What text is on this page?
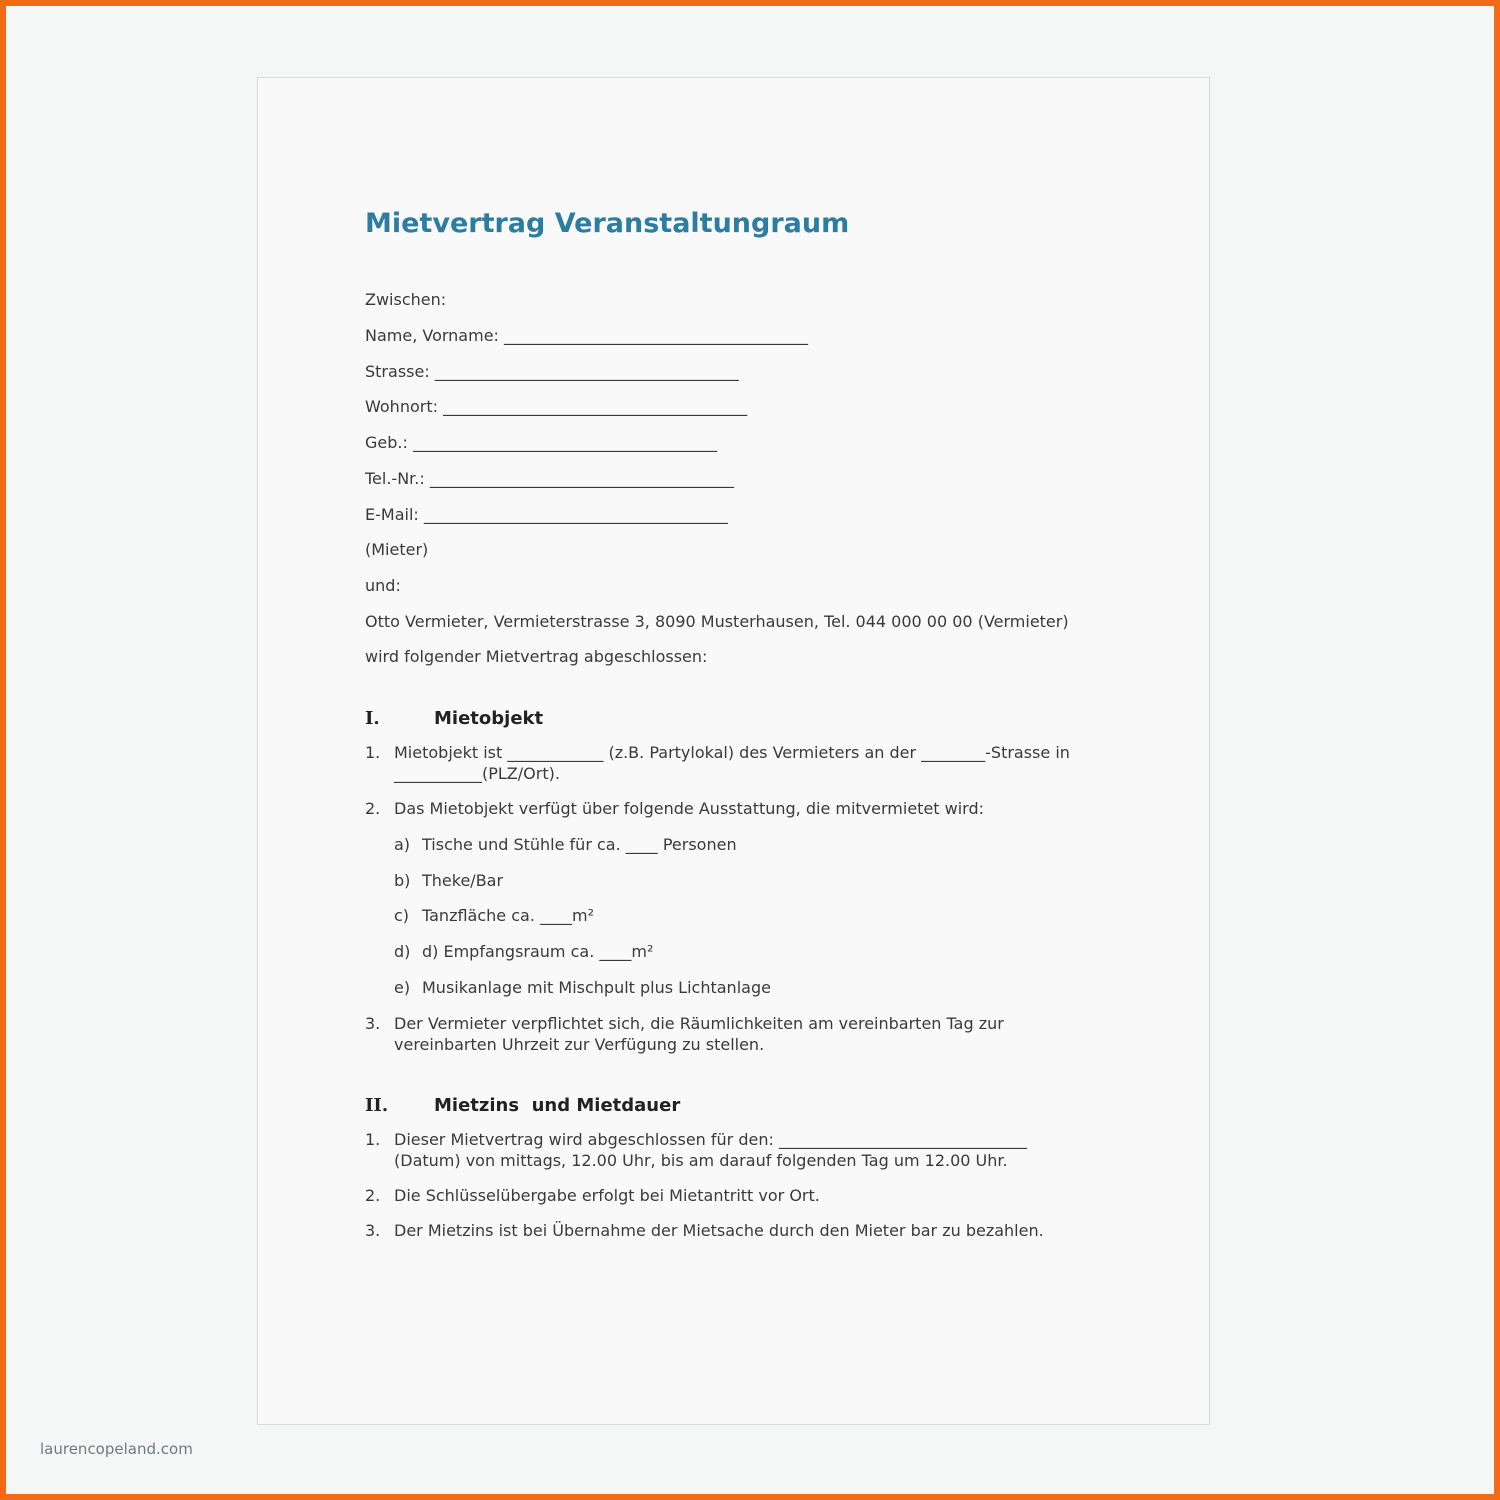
Mietvertrag Veranstaltungraum
Zwischen:
Name, Vorname: ______________________________________
Strasse: ______________________________________
Wohnort: ______________________________________
Geb.: ______________________________________
Tel.-Nr.: ______________________________________
E-Mail: ______________________________________
(Mieter)
und:
Otto Vermieter, Vermieterstrasse 3, 8090 Musterhausen, Tel. 044 000 00 00 (Vermieter)
wird folgender Mietvertrag abgeschlossen:
I.	Mietobjekt
1. Mietobjekt ist ____________ (z.B. Partylokal) des Vermieters an der ________-Strasse in ___________(PLZ/Ort).
2. Das Mietobjekt verfügt über folgende Ausstattung, die mitvermietet wird:
a) Tische und Stühle für ca. ____ Personen
b) Theke/Bar
c) Tanzfläche ca. ____m²
d) d) Empfangsraum ca. ____m²
e) Musikanlage mit Mischpult plus Lichtanlage
3. Der Vermieter verpflichtet sich, die Räumlichkeiten am vereinbarten Tag zur vereinbarten Uhrzeit zur Verfügung zu stellen.
II.	Mietzins  und Mietdauer
1. Dieser Mietvertrag wird abgeschlossen für den: _______________________________ (Datum) von mittags, 12.00 Uhr, bis am darauf folgenden Tag um 12.00 Uhr.
2. Die Schlüsselübergabe erfolgt bei Mietantritt vor Ort.
3. Der Mietzins ist bei Übernahme der Mietsache durch den Mieter bar zu bezahlen.
laurencopeland.com
